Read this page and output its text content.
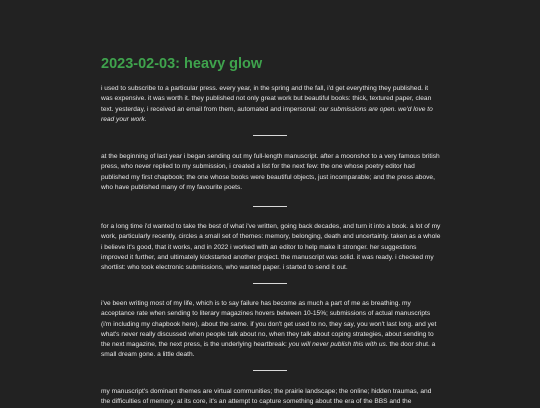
2023-02-03: heavy glow

i used to subscribe to a particular press. every year, in the spring and the fall, i'd get everything they published. it was expensive. it was worth it. they published not only great work but beautiful books: thick, textured paper, clean text. yesterday, i received an email from them, automated and impersonal: our submissions are open. we'd love to read your work.

at the beginning of last year i began sending out my full-length manuscript. after a moonshot to a very famous british press, who never replied to my submission, i created a list for the next few: the one whose poetry editor had published my first chapbook; the one whose books were beautiful objects, just incomparable; and the press above, who have published many of my favourite poets.

for a long time i'd wanted to take the best of what i've written, going back decades, and turn it into a book. a lot of my work, particularly recently, circles a small set of themes: memory, belonging, death and uncertainty. taken as a whole i believe it's good, that it works, and in 2022 i worked with an editor to help make it stronger. her suggestions improved it further, and ultimately kickstarted another project. the manuscript was solid. it was ready. i checked my shortlist: who took electronic submissions, who wanted paper. i started to send it out.

i've been writing most of my life, which is to say failure has become as much a part of me as breathing. my acceptance rate when sending to literary magazines hovers between 10-15%; submissions of actual manuscripts (i'm including my chapbook here), about the same. if you don't get used to no, they say, you won't last long. and yet what's never really discussed when people talk about no, when they talk about coping strategies, about sending to the next magazine, the next press, is the underlying heartbreak: you will never publish this with us. the door shut. a small dream gone. a little death.

my manuscript's dominant themes are virtual communities; the prairie landscape; the online; hidden traumas, and the difficulties of memory. at its core, it's an attempt to capture something about the era of the BBS and the
